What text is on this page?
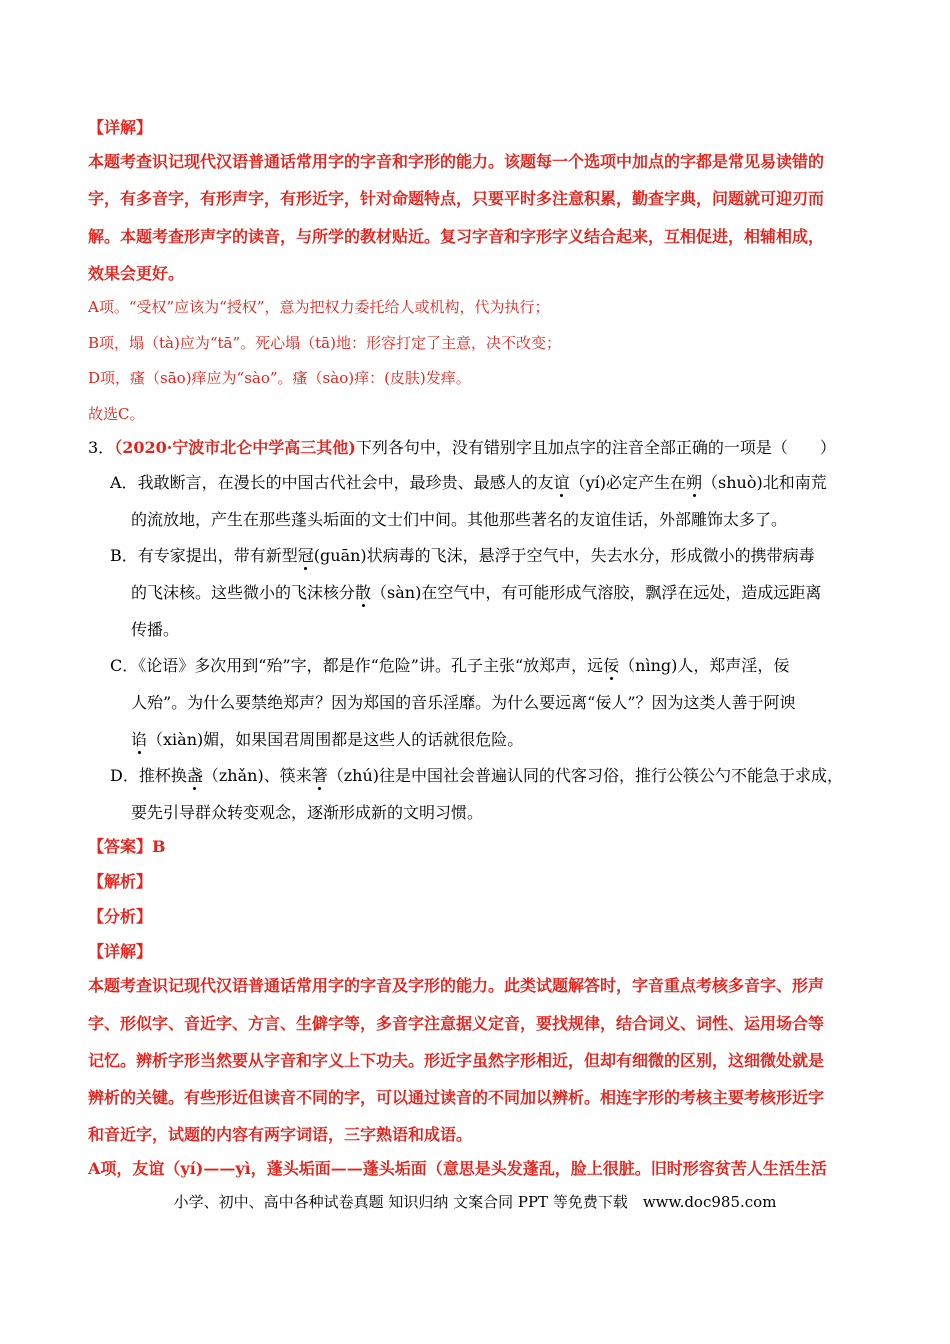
【详解】
本题考查识记现代汉语普通话常用字的字音和字形的能力。该题每一个选项中加点的字都是常见易读错的
字，有多音字，有形声字，有形近字，针对命题特点，只要平时多注意积累，勤查字典，问题就可迎刃而
解。本题考查形声字的读音，与所学的教材贴近。复习字音和字形字义结合起来，互相促进，相辅相成，
效果会更好。
A项。“受权”应该为“授权”，意为把权力委托给人或机构，代为执行；
B项，塌（tà)应为“tā”。死心塌（tā)地：形容打定了主意，决不改变；
D项，瘙（sāo)痒应为“sào”。瘙（sào)痒：(皮肤)发痒。
故选C。
3．（2020·宁波市北仑中学高三其他)下列各句中，没有错别字且加点字的注音全部正确的一项是（　　）
A．我敢断言，在漫长的中国古代社会中，最珍贵、最感人的友谊（yí)必定产生在朔（shuò)北和南荒
的流放地，产生在那些蓬头垢面的文士们中间。其他那些著名的友谊佳话，外部雕饰太多了。
B．有专家提出，带有新型冠(guān)状病毒的飞沫，悬浮于空气中，失去水分，形成微小的携带病毒
的飞沫核。这些微小的飞沫核分散（sàn)在空气中，有可能形成气溶胶，飘浮在远处，造成远距离
传播。
C．《论语》多次用到“殆”字，都是作“危险”讲。孔子主张“放郑声，远佞（nìng)人，郑声淫，佞
人殆”。为什么要禁绝郑声？因为郑国的音乐淫靡。为什么要远离“佞人”？因为这类人善于阿谀
谄（xiàn)媚，如果国君周围都是这些人的话就很危险。
D．推杯换盏（zhǎn)、筷来箸（zhú)往是中国社会普遍认同的代客习俗，推行公筷公勺不能急于求成，
要先引导群众转变观念，逐渐形成新的文明习惯。
【答案】B
【解析】
【分析】
【详解】
本题考查识记现代汉语普通话常用字的字音及字形的能力。此类试题解答时，字音重点考核多音字、形声
字、形似字、音近字、方言、生僻字等，多音字注意据义定音，要找规律，结合词义、词性、运用场合等
记忆。辨析字形当然要从字音和字义上下功夫。形近字虽然字形相近，但却有细微的区别，这细微处就是
辨析的关键。有些形近但读音不同的字，可以通过读音的不同加以辨析。相连字形的考核主要考核形近字
和音近字，试题的内容有两字词语，三字熟语和成语。
A项，友谊（yí)——yì，蓬头垢面——蓬头垢面（意思是头发蓬乱，脸上很脏。旧时形容贫苦人生活生活
小学、初中、高中各种试卷真题 知识归纳 文案合同 PPT 等免费下载　www.doc985.com
